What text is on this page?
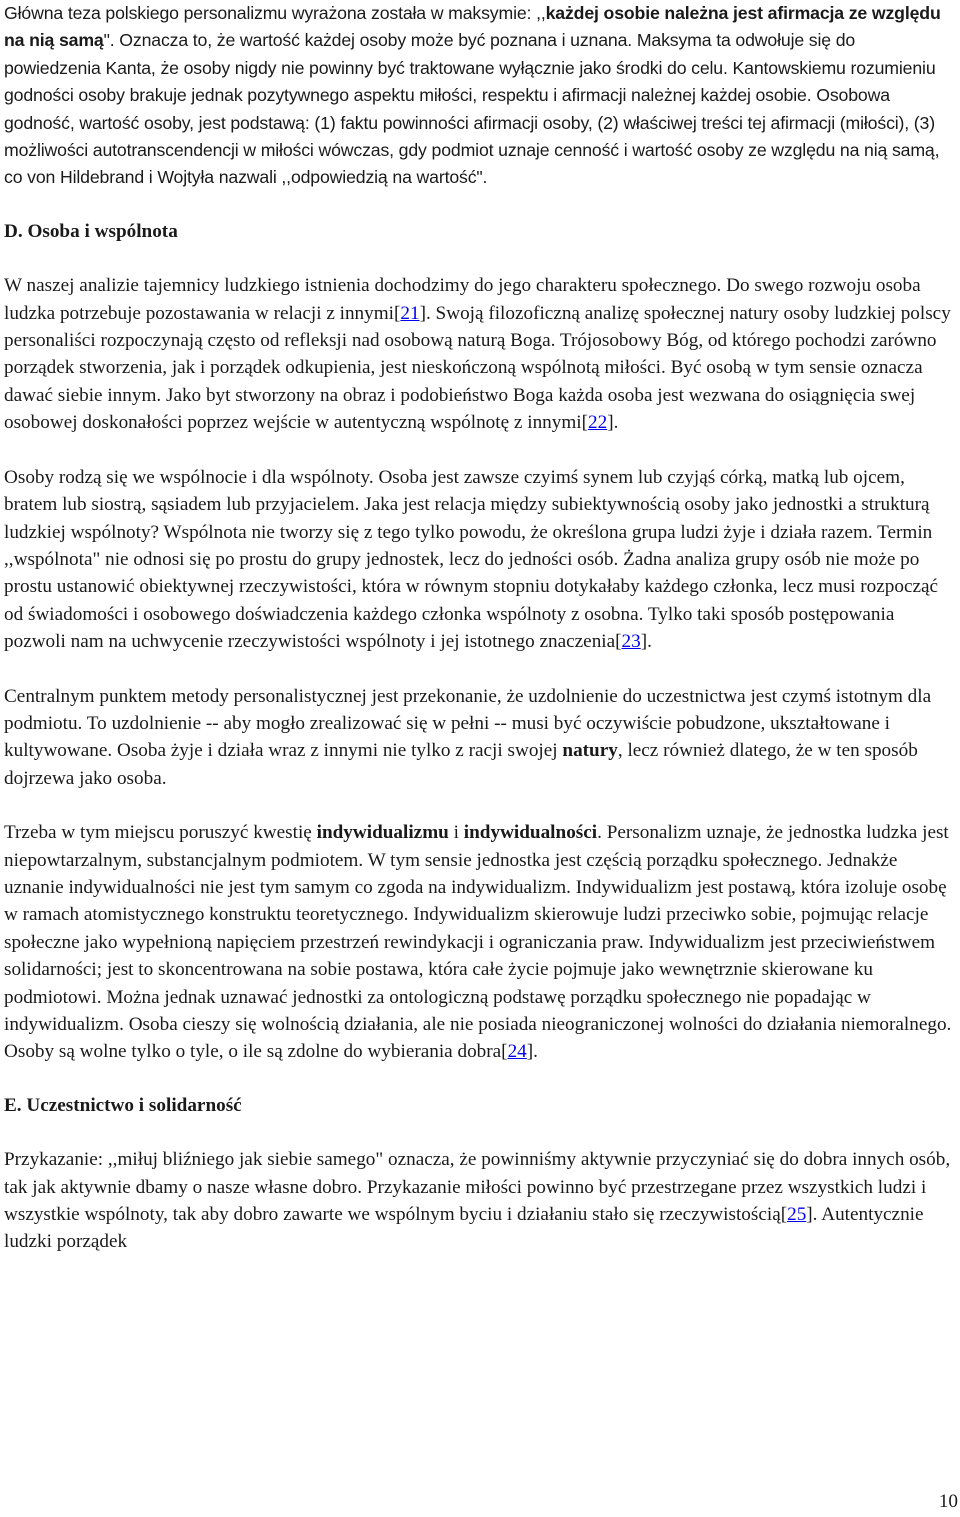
Główna teza polskiego personalizmu wyrażona została w maksymie: ,,każdej osobie należna jest afirmacja ze względu na nią samą". Oznacza to, że wartość każdej osoby może być poznana i uznana. Maksyma ta odwołuje się do powiedzenia Kanta, że osoby nigdy nie powinny być traktowane wyłącznie jako środki do celu. Kantowskiemu rozumieniu godności osoby brakuje jednak pozytywnego aspektu miłości, respektu i afirmacji należnej każdej osobie. Osobowa godność, wartość osoby, jest podstawą: (1) faktu powinności afirmacji osoby, (2) właściwej treści tej afirmacji (miłości), (3) możliwości autotranscendencji w miłości wówczas, gdy podmiot uznaje cenność i wartość osoby ze względu na nią samą, co von Hildebrand i Wojtyła nazwali ,,odpowiedzią na wartość".

D. Osoba i wspólnota

W naszej analizie tajemnicy ludzkiego istnienia dochodzimy do jego charakteru społecznego. Do swego rozwoju osoba ludzka potrzebuje pozostawania w relacji z innymi[21]. Swoją filozoficzną analizę społecznej natury osoby ludzkiej polscy personaliści rozpoczynają często od refleksji nad osobową naturą Boga. Trójosobowy Bóg, od którego pochodzi zarówno porządek stworzenia, jak i porządek odkupienia, jest nieskończoną wspólnotą miłości. Być osobą w tym sensie oznacza dawać siebie innym. Jako byt stworzony na obraz i podobieństwo Boga każda osoba jest wezwana do osiągnięcia swej osobowej doskonałości poprzez wejście w autentyczną wspólnotę z innymi[22].

Osoby rodzą się we wspólnocie i dla wspólnoty. Osoba jest zawsze czyimś synem lub czyjąś córką, matką lub ojcem, bratem lub siostrą, sąsiadem lub przyjacielem. Jaka jest relacja między subiektywnością osoby jako jednostki a strukturą ludzkiej wspólnoty? Wspólnota nie tworzy się z tego tylko powodu, że określona grupa ludzi żyje i działa razem. Termin ,,wspólnota" nie odnosi się po prostu do grupy jednostek, lecz do jedności osób. Żadna analiza grupy osób nie może po prostu ustanowić obiektywnej rzeczywistości, która w równym stopniu dotykałaby każdego członka, lecz musi rozpocząć od świadomości i osobowego doświadczenia każdego członka wspólnoty z osobna. Tylko taki sposób postępowania pozwoli nam na uchwycenie rzeczywistości wspólnoty i jej istotnego znaczenia[23].

Centralnym punktem metody personalistycznej jest przekonanie, że uzdolnienie do uczestnictwa jest czymś istotnym dla podmiotu. To uzdolnienie -- aby mogło zrealizować się w pełni -- musi być oczywiście pobudzone, ukształtowane i kultywowane. Osoba żyje i działa wraz z innymi nie tylko z racji swojej natury, lecz również dlatego, że w ten sposób dojrzewa jako osoba.

Trzeba w tym miejscu poruszyć kwestię indywidualizmu i indywidualności. Personalizm uznaje, że jednostka ludzka jest niepowtarzalnym, substancjalnym podmiotem. W tym sensie jednostka jest częścią porządku społecznego. Jednakże uznanie indywidualności nie jest tym samym co zgoda na indywidualizm. Indywidualizm jest postawą, która izoluje osobę w ramach atomistycznego konstruktu teoretycznego. Indywidualizm skierowuje ludzi przeciwko sobie, pojmując relacje społeczne jako wypełnioną napięciem przestrzeń rewindykacji i ograniczania praw. Indywidualizm jest przeciwieństwem solidarności; jest to skoncentrowana na sobie postawa, która całe życie pojmuje jako wewnętrznie skierowane ku podmiotowi. Można jednak uznawać jednostki za ontologiczną podstawę porządku społecznego nie popadając w indywidualizm. Osoba cieszy się wolnością działania, ale nie posiada nieograniczonej wolności do działania niemoralnego. Osoby są wolne tylko o tyle, o ile są zdolne do wybierania dobra[24].

E. Uczestnictwo i solidarność

Przykazanie: ,,miłuj bliźniego jak siebie samego" oznacza, że powinniśmy aktywnie przyczyniać się do dobra innych osób, tak jak aktywnie dbamy o nasze własne dobro. Przykazanie miłości powinno być przestrzegane przez wszystkich ludzi i wszystkie wspólnoty, tak aby dobro zawarte we wspólnym byciu i działaniu stało się rzeczywistością[25]. Autentycznie ludzki porządek

10
